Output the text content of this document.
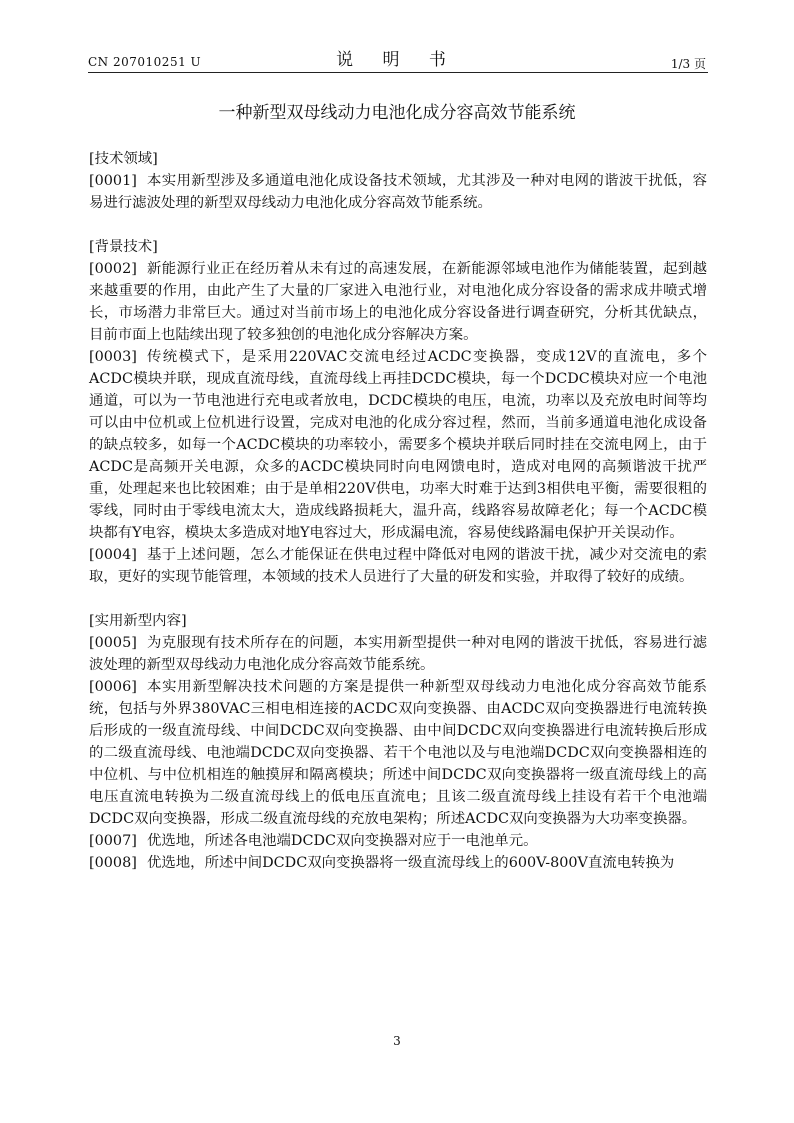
CN 207010251 U	说 明 书	1/3 页
一种新型双母线动力电池化成分容高效节能系统

[技术领域]

[0001] 本实用新型涉及多通道电池化成设备技术领域，尤其涉及一种对电网的谐波干扰低，容易进行滤波处理的新型双母线动力电池化成分容高效节能系统。

[背景技术]

[0002] 新能源行业正在经历着从未有过的高速发展，在新能源邻域电池作为储能装置，起到越来越重要的作用，由此产生了大量的厂家进入电池行业，对电池化成分容设备的需求成井喷式增长，市场潜力非常巨大。通过对当前市场上的电池化成分容设备进行调查研究，分析其优缺点，目前市面上也陆续出现了较多独创的电池化成分容解决方案。

[0003] 传统模式下，是采用220VAC交流电经过ACDC变换器，变成12V的直流电，多个ACDC模块并联，现成直流母线，直流母线上再挂DCDC模块，每一个DCDC模块对应一个电池通道，可以为一节电池进行充电或者放电，DCDC模块的电压，电流，功率以及充放电时间等均可以由中位机或上位机进行设置，完成对电池的化成分容过程，然而，当前多通道电池化成设备的缺点较多，如每一个ACDC模块的功率较小，需要多个模块并联后同时挂在交流电网上，由于ACDC是高频开关电源，众多的ACDC模块同时向电网馈电时，造成对电网的高频谐波干扰严重，处理起来也比较困难；由于是单相220V供电，功率大时难于达到3相供电平衡，需要很粗的零线，同时由于零线电流太大，造成线路损耗大，温升高，线路容易故障老化；每一个ACDC模块都有Y电容，模块太多造成对地Y电容过大，形成漏电流，容易使线路漏电保护开关误动作。

[0004] 基于上述问题，怎么才能保证在供电过程中降低对电网的谐波干扰，减少对交流电的索取，更好的实现节能管理，本领域的技术人员进行了大量的研发和实验，并取得了较好的成绩。

[实用新型内容]

[0005] 为克服现有技术所存在的问题，本实用新型提供一种对电网的谐波干扰低，容易进行滤波处理的新型双母线动力电池化成分容高效节能系统。

[0006] 本实用新型解决技术问题的方案是提供一种新型双母线动力电池化成分容高效节能系统，包括与外界380VAC三相电相连接的ACDC双向变换器、由ACDC双向变换器进行电流转换后形成的一级直流母线、中间DCDC双向变换器、由中间DCDC双向变换器进行电流转换后形成的二级直流母线、电池端DCDC双向变换器、若干个电池以及与电池端DCDC双向变换器相连的中位机、与中位机相连的触摸屏和隔离模块；所述中间DCDC双向变换器将一级直流母线上的高电压直流电转换为二级直流母线上的低电压直流电；且该二级直流母线上挂设有若干个电池端DCDC双向变换器，形成二级直流母线的充放电架构；所述ACDC双向变换器为大功率变换器。

[0007] 优选地，所述各电池端DCDC双向变换器对应于一电池单元。

[0008] 优选地，所述中间DCDC双向变换器将一级直流母线上的600V-800V直流电转换为

3
